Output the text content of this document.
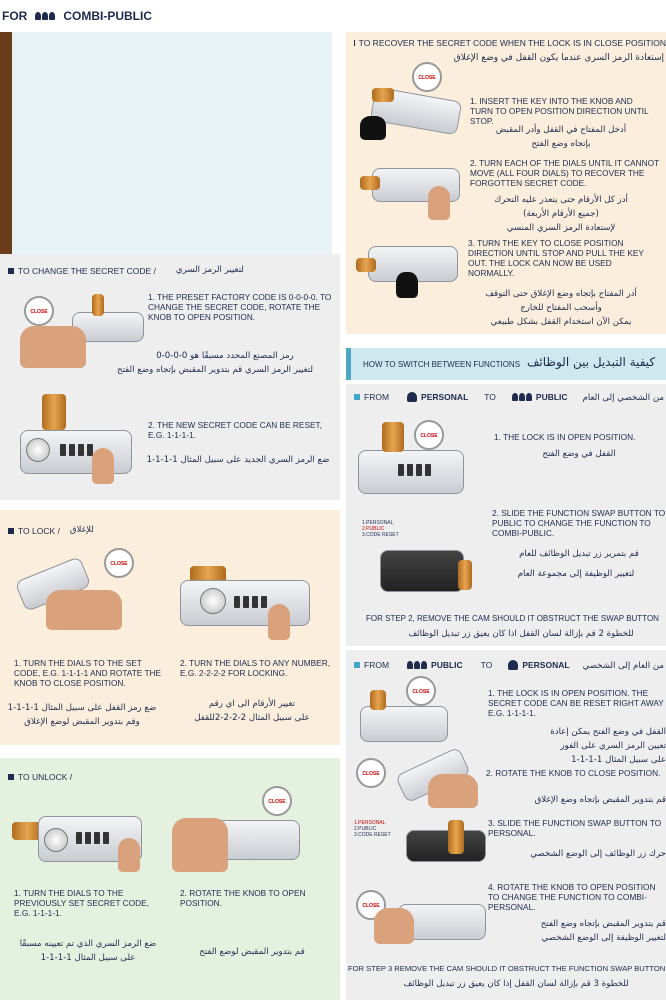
FOR	COMBI-PUBLIC
TO CHANGE THE SECRET CODE / لتغيير الرمز السري
CLOSE
1. THE PRESET FACTORY CODE IS 0-0-0-0. TO CHANGE THE SECRET CODE, ROTATE THE KNOB TO OPEN POSITION.
رمز المصنع المحدد مسبقًا هو 0-0-0-0
لتغيير الرمز السري قم بتدوير المقبض بإتجاه وضع الفتح
2. THE NEW SECRET CODE CAN BE RESET, E.G. 1-1-1-1.
ضع الرمز السري الجديد على سبيل المثال 1-1-1-1
TO LOCK / للإغلاق
CLOSE
1. TURN THE DIALS TO THE SET CODE, E.G. 1-1-1-1 AND ROTATE THE KNOB TO CLOSE POSITION.
2. TURN THE DIALS TO ANY NUMBER, E.G. 2-2-2-2 FOR LOCKING.
ضع رمز القفل على سبيل المثال 1-1-1-1
وقم بتدوير المقبض لوضع الإغلاق
تغيير الأرقام الى اي رقم
على سبيل المثال 2-2-2-2للقفل
TO UNLOCK /
CLOSE
1. TURN THE DIALS TO THE PREVIOUSLY SET SECRET CODE, E.G. 1-1-1-1.
2. ROTATE THE KNOB TO OPEN POSITION.
ضع الرمز السري الذي تم تعيينه مسبقًا
على سبيل المثال 1-1-1-1
قم بتدوير المقبض لوضع الفتح
TO RECOVER THE SECRET CODE WHEN THE LOCK IS IN CLOSE POSITION
إستعادة الرمز السري عندما يكون القفل في وضع الإغلاق
CLOSE
1. INSERT THE KEY INTO THE KNOB AND TURN TO OPEN POSITION DIRECTION UNTIL STOP.
أدخل المفتاح في القفل وأدر المقبض
بإتجاه وضع الفتح
2. TURN EACH OF THE DIALS UNTIL IT CANNOT MOVE (ALL FOUR DIALS) TO RECOVER THE FORGOTTEN SECRET CODE.
أدر كل الأرقام حتى يتعذر عليه التحرك
(جميع الأرقام الأربعة)
لإستعادة الرمز السري المنسي
3. TURN THE KEY TO CLOSE POSITION DIRECTION UNTIL STOP AND PULL THE KEY OUT. THE LOCK CAN NOW BE USED NORMALLY.
أدر المفتاح بإتجاه وضع الإغلاق حتى التوقف
وأسحب المفتاح للخارج
يمكن الآن استخدام القفل بشكل طبيعي
HOW TO SWITCH BETWEEN FUNCTIONS كيفية التبديل بين الوظائف
FROM	PERSONAL TO	PUBLIC	من الشخصي إلى العام
CLOSE	1. THE LOCK IS IN OPEN POSITION.
القفل في وضع الفتح
1.PERSONAL
2.PUBLIC
3.CODE RESET
2. SLIDE THE FUNCTION SWAP BUTTON TO PUBLIC TO CHANGE THE FUNCTION TO COMBI-PUBLIC.
قم بتمرير زر تبديل الوظائف للعام
لتغيير الوظيفة إلى مجموعة العام
FOR STEP 2, REMOVE THE CAM SHOULD IT OBSTRUCT THE SWAP BUTTON
للخطوة 2 قم بإزالة لسان القفل اذا كان يعيق زر تبديل الوظائف
FROM	PUBLIC TO	PERSONAL	من العام إلى الشخصي
CLOSE	1. THE LOCK IS IN OPEN POSITION. THE SECRET CODE CAN BE RESET RIGHT AWAY E.G. 1-1-1-1.
القفل في وضع الفتح يمكن إعادة
تعيين الرمز السري على الفور
على سبيل المثال 1-1-1-1
CLOSE	2. ROTATE THE KNOB TO CLOSE POSITION.
قم بتدوير المقبض بإتجاه وضع الإغلاق
1.PERSONAL
2.PUBLIC
3.CODE RESET
3. SLIDE THE FUNCTION SWAP BUTTON TO PERSONAL.
حرك زر الوظائف إلى الوضع الشخصي
CLOSE
4. ROTATE THE KNOB TO OPEN POSITION TO CHANGE THE FUNCTION TO COMBI-PERSONAL.
قم بتدوير المقبض بإتجاه وضع الفتح
لتغيير الوظيفة إلى الوضع الشخصي
FOR STEP 3 REMOVE THE CAM SHOULD IT OBSTRUCT THE FUNCTION SWAP BUTTON
للخطوة 3 قم بإزالة لسان القفل إذا كان يعيق زر تبديل الوظائف
